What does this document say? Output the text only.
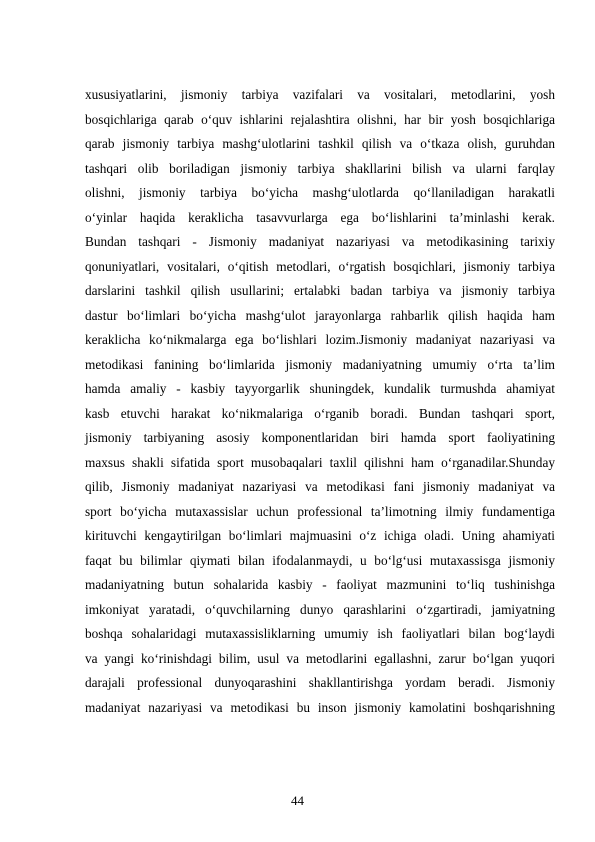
xususiyatlarini, jismoniy tarbiya vazifalari va vositalari, metodlarini, yosh
bosqichlariga qarab o‘quv ishlarini rejalashtira olishni, har bir yosh bosqichlariga
qarab jismoniy tarbiya mashg‘ulotlarini tashkil qilish va o‘tkaza olish, guruhdan
tashqari olib boriladigan jismoniy tarbiya shakllarini bilish va ularni farqlay
olishni, jismoniy tarbiya bo‘yicha mashg‘ulotlarda qo‘llaniladigan harakatli
o‘yinlar haqida keraklicha tasavvurlarga ega bo‘lishlarini ta’minlashi kerak.
Bundan tashqari - Jismoniy madaniyat nazariyasi va metodikasining tarixiy
qonuniyatlari, vositalari, o‘qitish metodlari, o‘rgatish bosqichlari, jismoniy tarbiya
darslarini tashkil qilish usullarini; ertalabki badan tarbiya va jismoniy tarbiya
dastur bo‘limlari bo‘yicha mashg‘ulot jarayonlarga rahbarlik qilish haqida ham
keraklicha ko‘nikmalarga ega bo‘lishlari lozim.Jismoniy madaniyat nazariyasi va
metodikasi fanining bo‘limlarida jismoniy madaniyatning umumiy o‘rta ta’lim
hamda amaliy - kasbiy tayyorgarlik shuningdek, kundalik turmushda ahamiyat
kasb etuvchi harakat ko‘nikmalariga o‘rganib boradi. Bundan tashqari sport,
jismoniy tarbiyaning asosiy komponentlaridan biri hamda sport faoliyatining
maxsus shakli sifatida sport musobaqalari taxlil qilishni ham o‘rganadilar.Shunday
qilib, Jismoniy madaniyat nazariyasi va metodikasi fani jismoniy madaniyat va
sport bo‘yicha mutaxassislar uchun professional ta’limotning ilmiy fundamentiga
kirituvchi kengaytirilgan bo‘limlari majmuasini o‘z ichiga oladi. Uning ahamiyati
faqat bu bilimlar qiymati bilan ifodalanmaydi, u bo‘lg‘usi mutaxassisga jismoniy
madaniyatning butun sohalarida kasbiy - faoliyat mazmunini to‘liq tushinishga
imkoniyat yaratadi, o‘quvchilarning dunyo qarashlarini o‘zgartiradi, jamiyatning
boshqa sohalaridagi mutaxassisliklarning umumiy ish faoliyatlari bilan bog‘laydi
va yangi ko‘rinishdagi bilim, usul va metodlarini egallashni, zarur bo‘lgan yuqori
darajali professional dunyoqarashini shakllantirishga yordam beradi. Jismoniy
madaniyat nazariyasi va metodikasi bu inson jismoniy kamolatini boshqarishning
44
